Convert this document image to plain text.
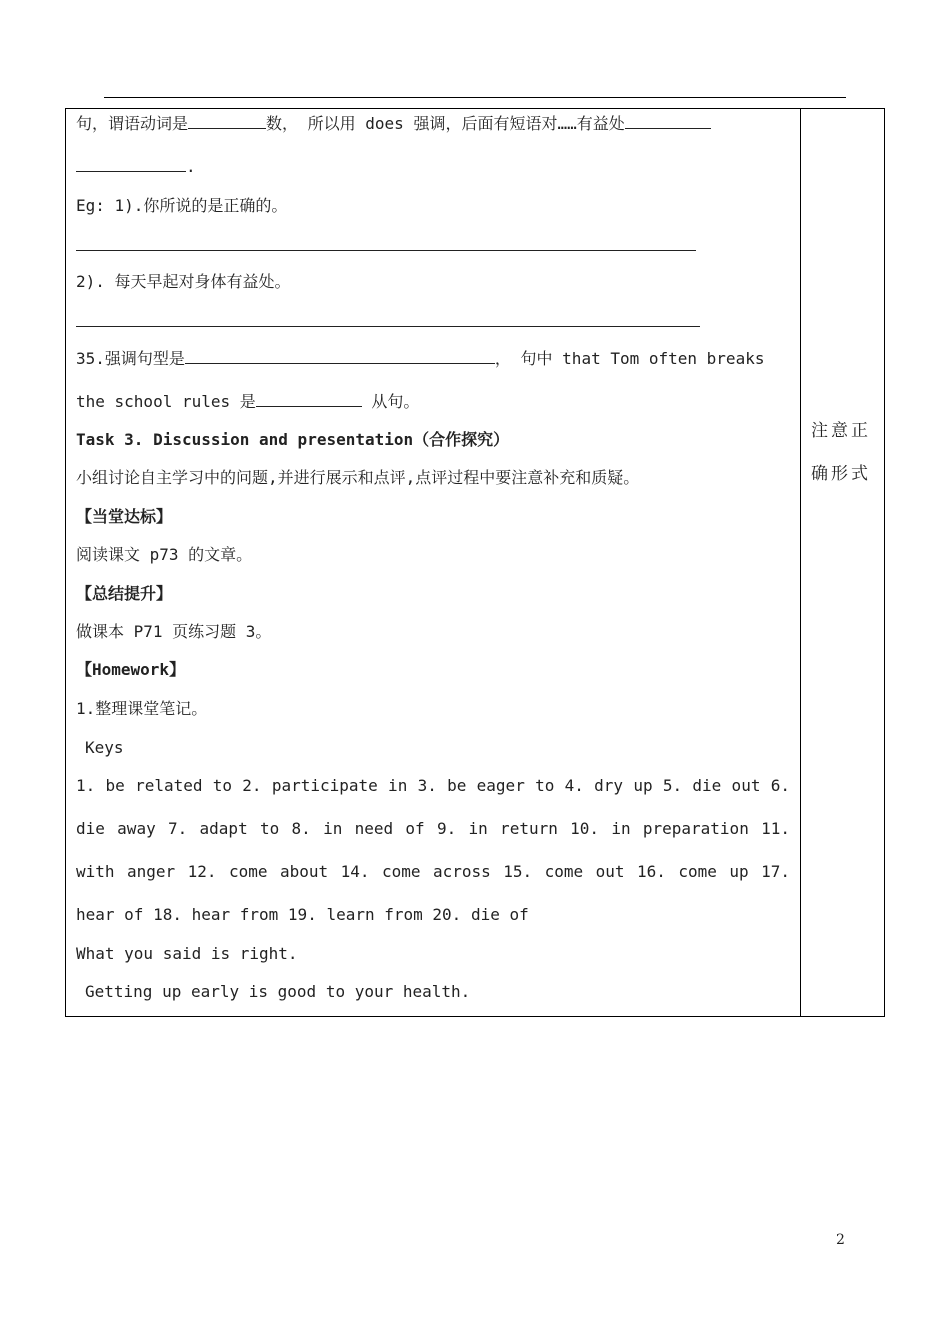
句，谓语动词是	数， 所以用 does 强调，后面有短语对……有益处
.
Eg: 1).你所说的是正确的。
2). 每天早起对身体有益处。
35.强调句型是	， 句中 that Tom often breaks
the school rules 是	从句。
Task 3. Discussion and presentation（合作探究）
小组讨论自主学习中的问题,并进行展示和点评,点评过程中要注意补充和质疑。
【当堂达标】
阅读课文 p73 的文章。
【总结提升】
做课本 P71 页练习题 3。
【Homework】
1.整理课堂笔记。
Keys
1. be related to 2. participate in 3. be eager to 4. dry up 5. die out 6.
die away 7. adapt to 8. in need of 9. in return 10. in preparation 11.
with anger 12. come about 14. come across 15. come out 16. come up 17.
hear of 18. hear from 19. learn from 20. die of
What you said is right.
Getting up early is good to your health.
注意正
确形式
2
